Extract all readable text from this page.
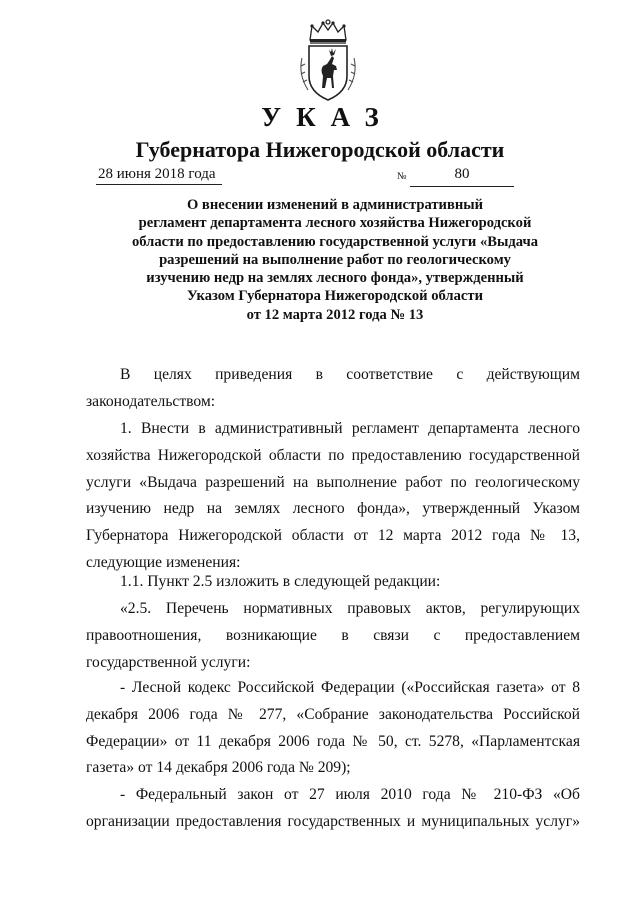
УКАЗ
Губернатора Нижегородской области
28 июня 2018 года	№	80
О внесении изменений в административный
регламент департамента лесного хозяйства Нижегородской
области по предоставлению государственной услуги «Выдача
разрешений на выполнение работ по геологическому
изучению недр на землях лесного фонда», утвержденный
Указом Губернатора Нижегородской области
от 12 марта 2012 года № 13
В целях приведения в соответствие с действующим
законодательством:
1. Внести в административный регламент департамента лесного
хозяйства Нижегородской области по предоставлению государственной
услуги «Выдача разрешений на выполнение работ по геологическому
изучению недр на землях лесного фонда», утвержденный Указом
Губернатора Нижегородской области от 12 марта 2012 года № 13,
следующие изменения:
1.1. Пункт 2.5 изложить в следующей редакции:
«2.5. Перечень нормативных правовых актов, регулирующих
правоотношения, возникающие в связи с предоставлением
государственной услуги:
- Лесной кодекс Российской Федерации («Российская газета» от 8
декабря 2006 года № 277, «Собрание законодательства Российской
Федерации» от 11 декабря 2006 года № 50, ст. 5278, «Парламентская
газета» от 14 декабря 2006 года № 209);
- Федеральный закон от 27 июля 2010 года № 210-ФЗ «Об
организации предоставления государственных и муниципальных услуг»
